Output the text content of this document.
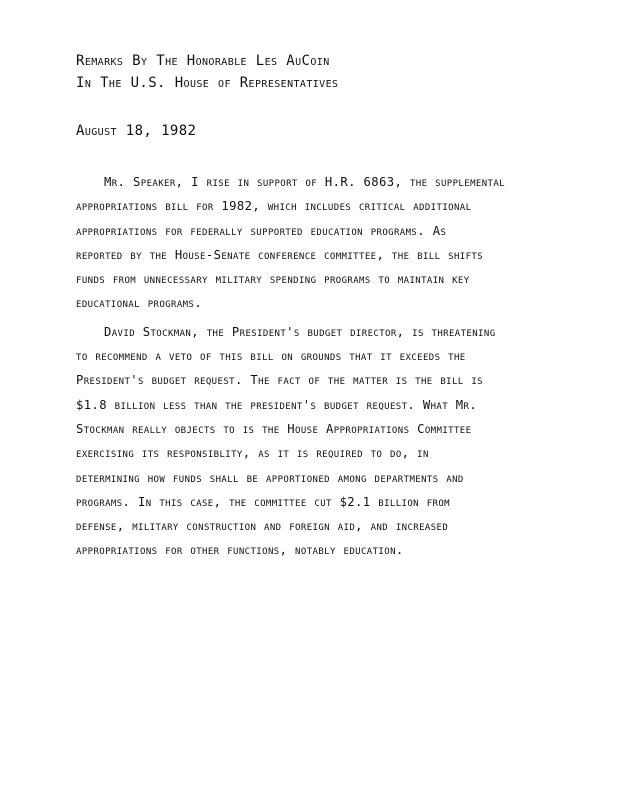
Remarks By The Honorable Les AuCoin
In The U.S. House of Representatives
August 18, 1982
Mr. Speaker, I rise in support of H.R. 6863, the supplemental
appropriations bill for 1982, which includes critical additional
appropriations for federally supported education programs. As
reported by the House-Senate conference committee, the bill shifts
funds from unnecessary military spending programs to maintain key
educational programs.
David Stockman, the President's budget director, is threatening
to recommend a veto of this bill on grounds that it exceeds the
President's budget request. The fact of the matter is the bill is
$1.8 billion less than the president's budget request. What Mr.
Stockman really objects to is the House Appropriations Committee
exercising its responsiblity, as it is required to do, in
determining how funds shall be apportioned among departments and
programs. In this case, the committee cut $2.1 billion from
defense, military construction and foreign aid, and increased
appropriations for other functions, notably education.
